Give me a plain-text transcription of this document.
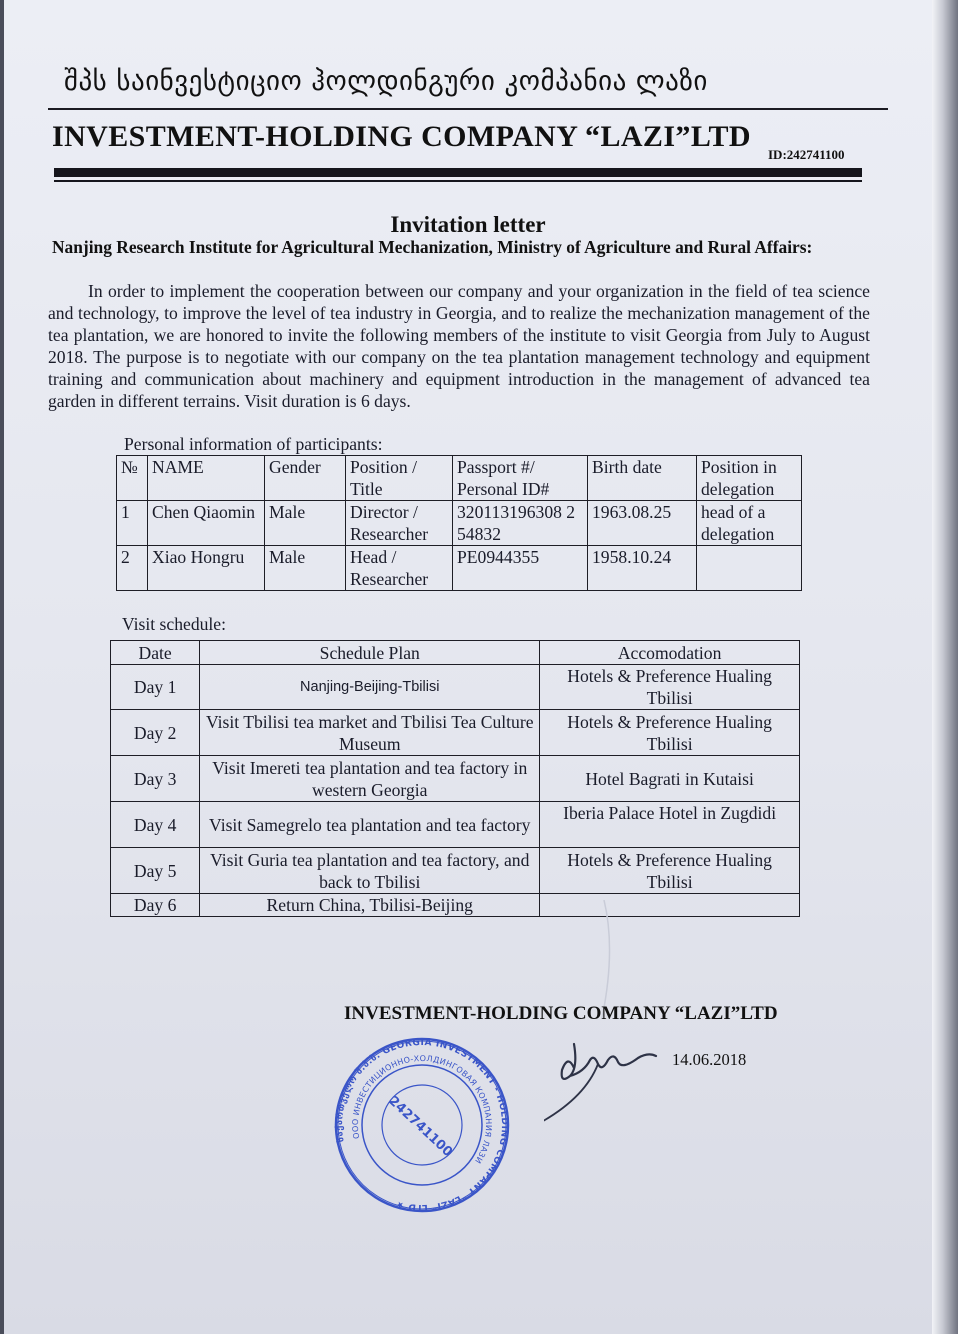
შპს საინვესტიციო ჰოლდინგური კომპანია ლაზი
INVESTMENT-HOLDING COMPANY “LAZI”LTD
ID:242741100
Invitation letter
Nanjing Research Institute for Agricultural Mechanization, Ministry of Agriculture and Rural Affairs:
In order to implement the cooperation between our company and your organization in the field of tea science and technology, to improve the level of tea industry in Georgia, and to realize the mechanization management of the tea plantation, we are honored to invite the following members of the institute to visit Georgia from July to August 2018. The purpose is to negotiate with our company on the tea plantation management technology and equipment training and communication about machinery and equipment introduction in the management of advanced tea garden in different terrains. Visit duration is 6 days.
Personal information of participants:
№	NAME	Gender	Position / Title	Passport #/ Personal ID#	Birth date	Position in delegation
1	Chen Qiaomin	Male	Director / Researcher	320113196308 254832	1963.08.25	head of a delegation
2	Xiao Hongru	Male	Head / Researcher	PE0944355	1958.10.24	
Visit schedule:
Date	Schedule Plan	Accomodation
Day 1	Nanjing-Beijing-Tbilisi	Hotels & Preference Hualing Tbilisi
Day 2	Visit Tbilisi tea market and Tbilisi Tea Culture Museum	Hotels & Preference Hualing Tbilisi
Day 3	Visit Imereti tea plantation and tea factory in western Georgia	Hotel Bagrati in Kutaisi
Day 4	Visit Samegrelo tea plantation and tea factory	Iberia Palace Hotel in Zugdidi
Day 5	Visit Guria tea plantation and tea factory, and back to Tbilisi	Hotels & Preference Hualing Tbilisi
Day 6	Return China, Tbilisi-Beijing	
INVESTMENT-HOLDING COMPANY “LAZI”LTD
14.06.2018
საქართველო შ.პ.ს. GEORGIA INVESTMENT - HOLDING COMPANY "LAZI" LTD ★
ООО ИНВЕСТИЦИОННО-ХОЛДИНГОВАЯ КОМПАНИЯ ЛАЗИ
242741100
